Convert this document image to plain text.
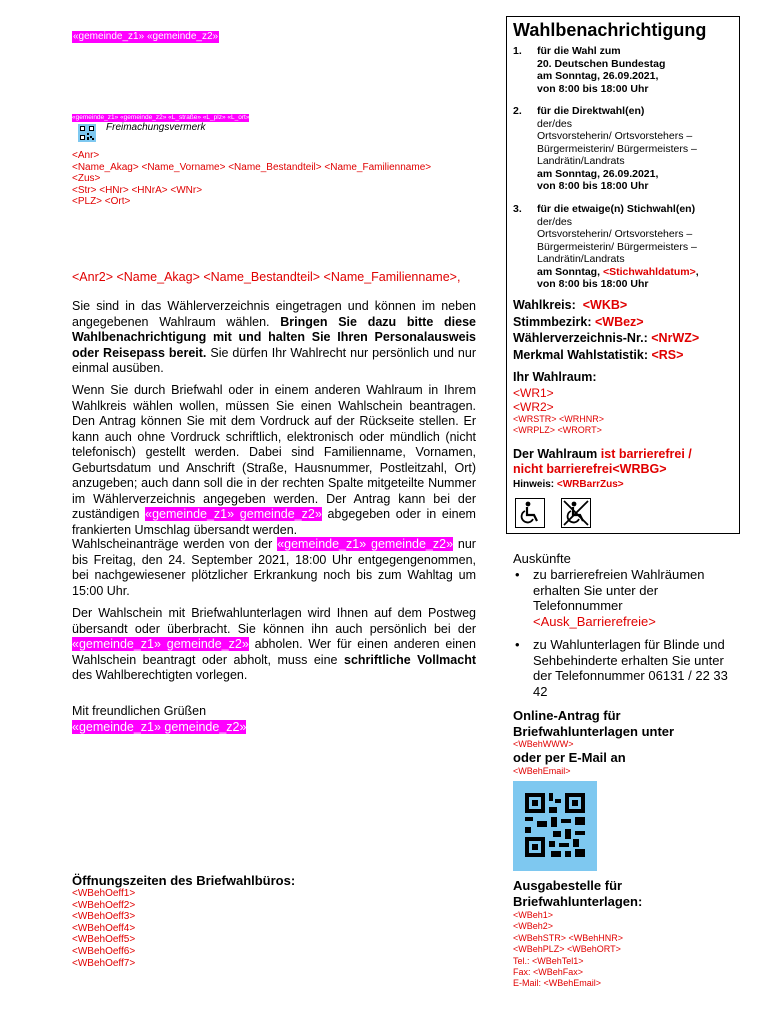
«gemeinde_z1» «gemeinde_z2»
«gemeinde_z1» «gemeinde_z2» «L_straße» «L_plz» «L_ort»
Freimachungsvermerk
<Anr>
<Name_Akag> <Name_Vorname> <Name_Bestandteil> <Name_Familienname>
<Zus>
<Str> <HNr> <HNrA> <WNr>
<PLZ> <Ort>
<Anr2> <Name_Akag> <Name_Bestandteil> <Name_Familienname>,
Sie sind in das Wählerverzeichnis eingetragen und können im neben angegebenen Wahlraum wählen. Bringen Sie dazu bitte diese Wahlbenachrichtigung mit und halten Sie Ihren Personalausweis oder Reisepass bereit. Sie dürfen Ihr Wahlrecht nur persönlich und nur einmal ausüben.
Wenn Sie durch Briefwahl oder in einem anderen Wahlraum in Ihrem Wahlkreis wählen wollen, müssen Sie einen Wahlschein beantragen. Den Antrag können Sie mit dem Vordruck auf der Rückseite stellen. Er kann auch ohne Vordruck schriftlich, elektronisch oder mündlich (nicht telefonisch) gestellt werden. Dabei sind Familienname, Vornamen, Geburtsdatum und Anschrift (Straße, Hausnummer, Postleitzahl, Ort) anzugeben; auch dann soll die in der rechten Spalte mitgeteilte Nummer im Wählerverzeichnis angegeben werden. Der Antrag kann bei der zuständigen «gemeinde_z1» gemeinde_z2» abgegeben oder in einem frankierten Umschlag übersandt werden.
Wahlscheinanträge werden von der «gemeinde_z1» gemeinde_z2» nur bis Freitag, den 24. September 2021, 18:00 Uhr entgegengenommen, bei nachgewiesener plötzlicher Erkrankung noch bis zum Wahltag um 15:00 Uhr.
Der Wahlschein mit Briefwahlunterlagen wird Ihnen auf dem Postweg übersandt oder überbracht. Sie können ihn auch persönlich bei der «gemeinde_z1» gemeinde_z2» abholen. Wer für einen anderen einen Wahlschein beantragt oder abholt, muss eine schriftliche Vollmacht des Wahlberechtigten vorlegen.
Mit freundlichen Grüßen
«gemeinde_z1» gemeinde_z2»
Öffnungszeiten des Briefwahlbüros:
<WBehOeff1>
<WBehOeff2>
<WBehOeff3>
<WBehOeff4>
<WBehOeff5>
<WBehOeff6>
<WBehOeff7>
Wahlbenachrichtigung
1. für die Wahl zum
20. Deutschen Bundestag
am Sonntag, 26.09.2021,
von 8:00 bis 18:00 Uhr
2. für die Direktwahl(en)
der/des
Ortsvorsteherin/ Ortsvorstehers –
Bürgermeisterin/ Bürgermeisters –
Landrätin/Landrats
am Sonntag, 26.09.2021,
von 8:00 bis 18:00 Uhr
3. für die etwaige(n) Stichwahl(en)
der/des
Ortsvorsteherin/ Ortsvorstehers –
Bürgermeisterin/ Bürgermeisters –
Landrätin/Landrats
am Sonntag, <Stichwahldatum>,
von 8:00 bis 18:00 Uhr
Wahlkreis: <WKB>
Stimmbezirk: <WBez>
Wählerverzeichnis-Nr.: <NrWZ>
Merkmal Wahlstatistik: <RS>
Ihr Wahlraum:
<WR1>
<WR2>
<WRSTR> <WRHNR>
<WRPLZ> <WRORT>
Der Wahlraum ist barrierefrei /
nicht barrierefrei<WRBG>
Hinweis: <WRBarrZus>

Auskünfte
• zu barrierefreien Wahlräumen erhalten Sie unter der Telefonnummer
<Ausk_Barrierefreie>
• zu Wahlunterlagen für Blinde und Sehbehinderte erhalten Sie unter der Telefonnummer 06131 / 22 33 42
Online-Antrag für Briefwahlunterlagen unter
<WBehWWW>
oder per E-Mail an
<WBehEmail>
Ausgabestelle für Briefwahlunterlagen:
<WBeh1>
<WBeh2>
<WBehSTR> <WBehHNR>
<WBehPLZ> <WBehORT>
Tel.: <WBehTel1>
Fax: <WBehFax>
E-Mail: <WBehEmail>
